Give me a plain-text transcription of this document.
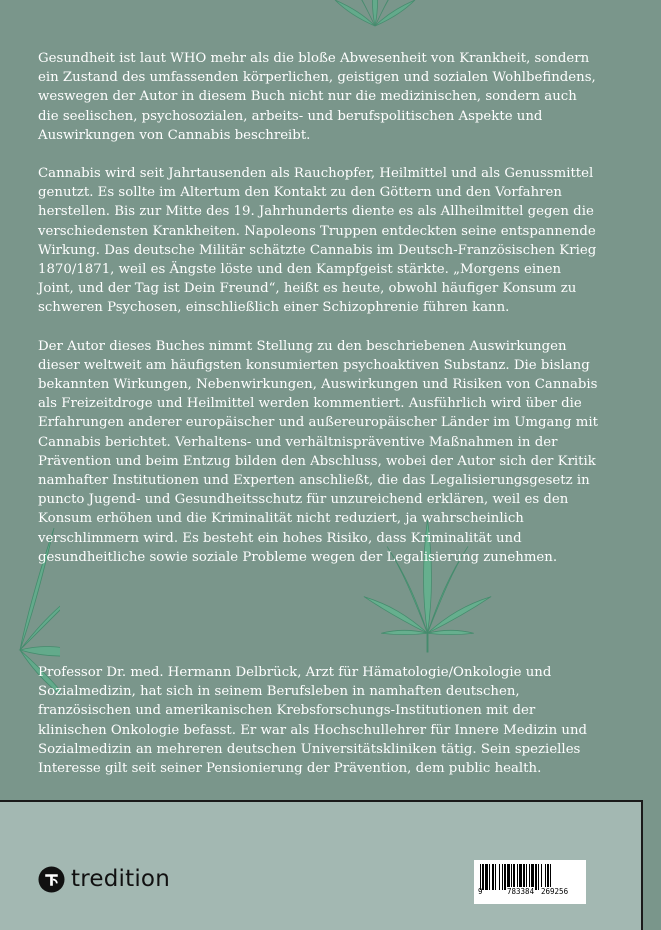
Gesundheit ist laut WHO mehr als die bloße Abwesenheit von Krankheit, sondern ein Zustand des umfassenden körperlichen, geistigen und sozialen Wohlbefindens, weswegen der Autor in diesem Buch nicht nur die medizinischen, sondern auch die seelischen, psychosozialen, arbeits- und berufspolitischen Aspekte und Auswirkungen von Cannabis beschreibt.

Cannabis wird seit Jahrtausenden als Rauchopfer, Heilmittel und als Genussmittel genutzt. Es sollte im Altertum den Kontakt zu den Göttern und den Vorfahren herstellen. Bis zur Mitte des 19. Jahrhunderts diente es als Allheilmittel gegen die verschiedensten Krankheiten. Napoleons Truppen entdeckten seine entspannende Wirkung. Das deutsche Militär schätzte Cannabis im Deutsch-Französischen Krieg 1870/1871, weil es Ängste löste und den Kampfgeist stärkte. „Morgens einen Joint, und der Tag ist Dein Freund“, heißt es heute, obwohl häufiger Konsum zu schweren Psychosen, einschließlich einer Schizophrenie führen kann.

Der Autor dieses Buches nimmt Stellung zu den beschriebenen Auswirkungen dieser weltweit am häufigsten konsumierten psychoaktiven Substanz. Die bislang bekannten Wirkungen, Nebenwirkungen, Auswirkungen und Risiken von Cannabis als Freizeitdroge und Heilmittel werden kommentiert. Ausführlich wird über die Erfahrungen anderer europäischer und außereuropäischer Länder im Umgang mit Cannabis berichtet. Verhaltens- und verhältnispräventive Maßnahmen in der Prävention und beim Entzug bilden den Abschluss, wobei der Autor sich der Kritik namhafter Institutionen und Experten anschließt, die das Legalisierungsgesetz in puncto Jugend- und Gesundheitsschutz für unzureichend erklären, weil es den Konsum erhöhen und die Kriminalität nicht reduziert, ja wahrscheinlich verschlimmern wird. Es besteht ein hohes Risiko, dass Kriminalität und gesundheitliche sowie soziale Probleme wegen der Legalisierung zunehmen.

Professor Dr. med. Hermann Delbrück, Arzt für Hämatologie/Onkologie und Sozialmedizin, hat sich in seinem Berufsleben in namhaften deutschen, französischen und amerikanischen Krebsforschungs-Institutionen mit der klinischen Onkologie befasst. Er war als Hochschullehrer für Innere Medizin und Sozialmedizin an mehreren deutschen Universitätskliniken tätig. Sein spezielles Interesse gilt seit seiner Pensionierung der Prävention, dem public health.

tredition	9	783384 269256
